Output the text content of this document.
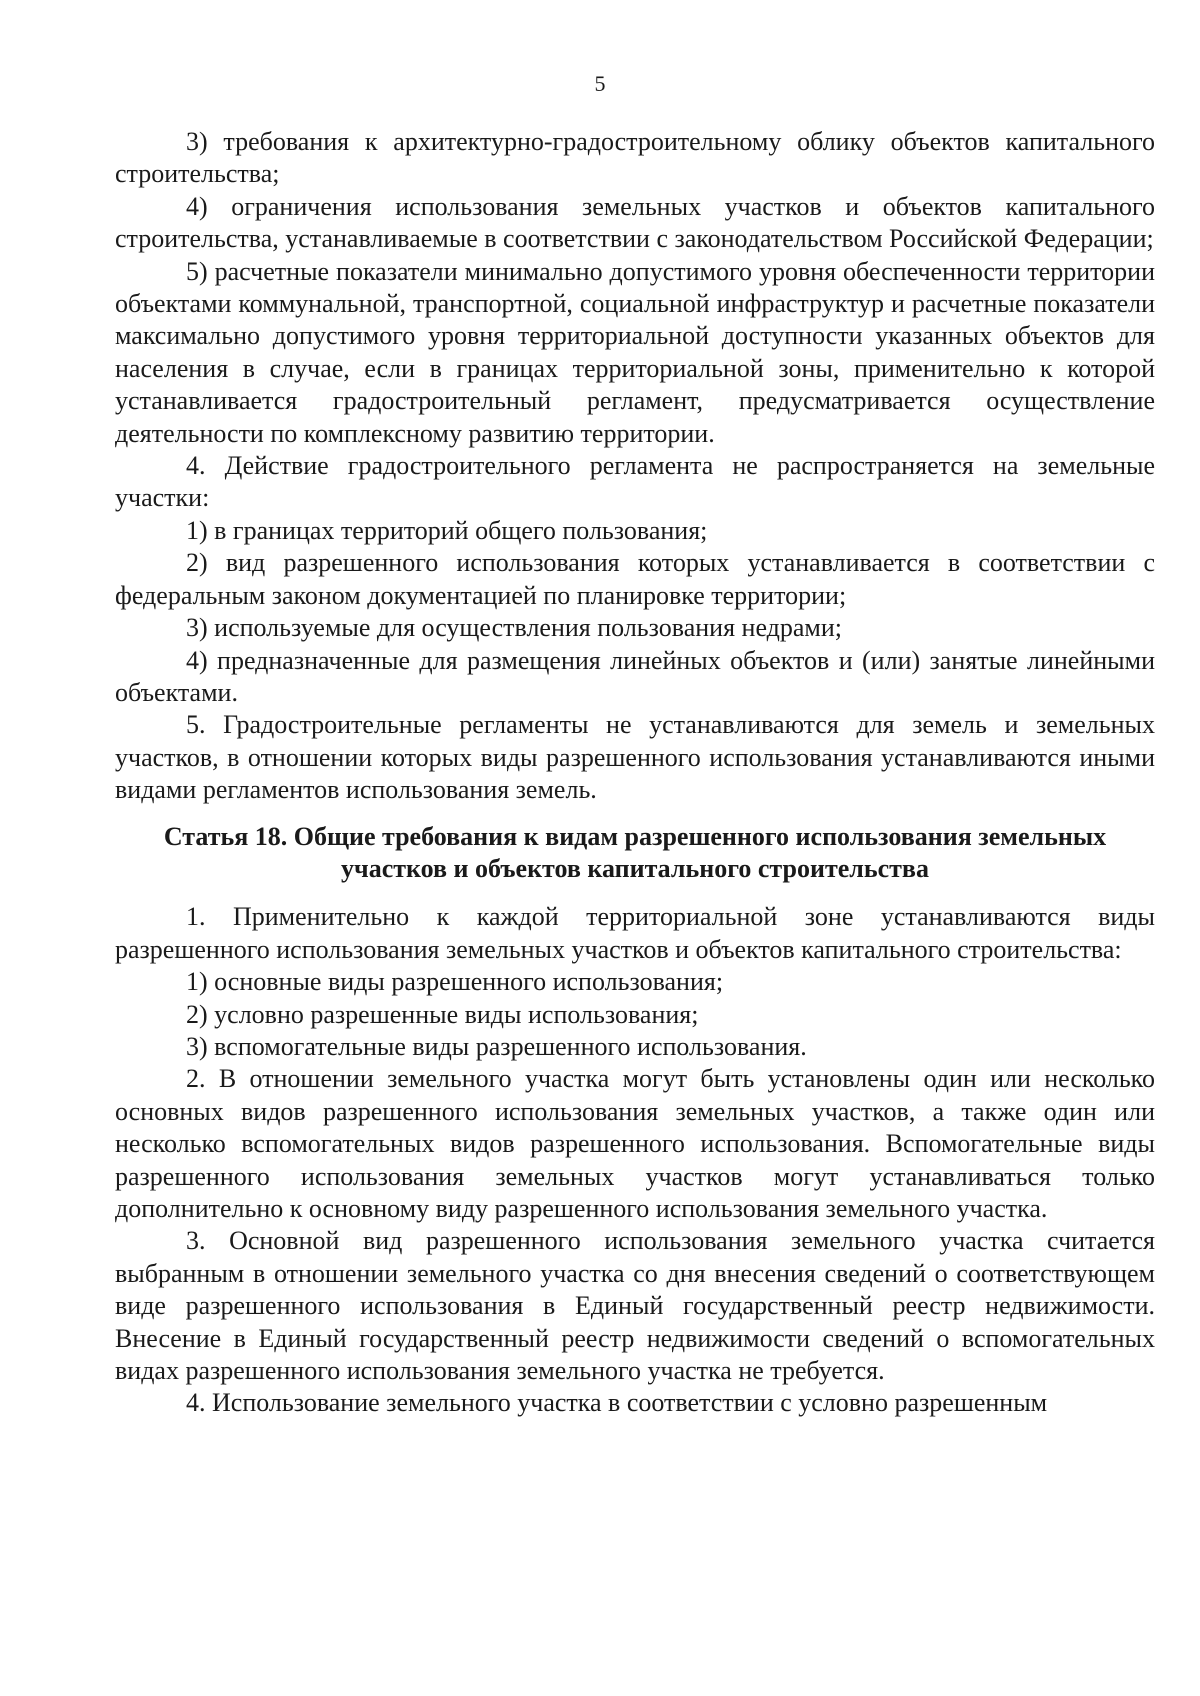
5

3) требования к архитектурно-градостроительному облику объектов капитального строительства;

4) ограничения использования земельных участков и объектов капитального строительства, устанавливаемые в соответствии с законодательством Российской Федерации;

5) расчетные показатели минимально допустимого уровня обеспеченности территории объектами коммунальной, транспортной, социальной инфраструктур и расчетные показатели максимально допустимого уровня территориальной доступности указанных объектов для населения в случае, если в границах территориальной зоны, применительно к которой устанавливается градостроительный регламент, предусматривается осуществление деятельности по комплексному развитию территории.

4. Действие градостроительного регламента не распространяется на земельные участки:

1) в границах территорий общего пользования;

2) вид разрешенного использования которых устанавливается в соответствии с федеральным законом документацией по планировке территории;

3) используемые для осуществления пользования недрами;

4) предназначенные для размещения линейных объектов и (или) занятые линейными объектами.

5. Градостроительные регламенты не устанавливаются для земель и земельных участков, в отношении которых виды разрешенного использования устанавливаются иными видами регламентов использования земель.

Статья 18. Общие требования к видам разрешенного использования земельных
участков и объектов капитального строительства

1. Применительно к каждой территориальной зоне устанавливаются виды разрешенного использования земельных участков и объектов капитального строительства:

1) основные виды разрешенного использования;

2) условно разрешенные виды использования;

3) вспомогательные виды разрешенного использования.

2. В отношении земельного участка могут быть установлены один или несколько основных видов разрешенного использования земельных участков, а также один или несколько вспомогательных видов разрешенного использования. Вспомогательные виды разрешенного использования земельных участков могут устанавливаться только дополнительно к основному виду разрешенного использования земельного участка.

3. Основной вид разрешенного использования земельного участка считается выбранным в отношении земельного участка со дня внесения сведений о соответствующем виде разрешенного использования в Единый государственный реестр недвижимости. Внесение в Единый государственный реестр недвижимости сведений о вспомогательных видах разрешенного использования земельного участка не требуется.

4. Использование земельного участка в соответствии с условно разрешенным
